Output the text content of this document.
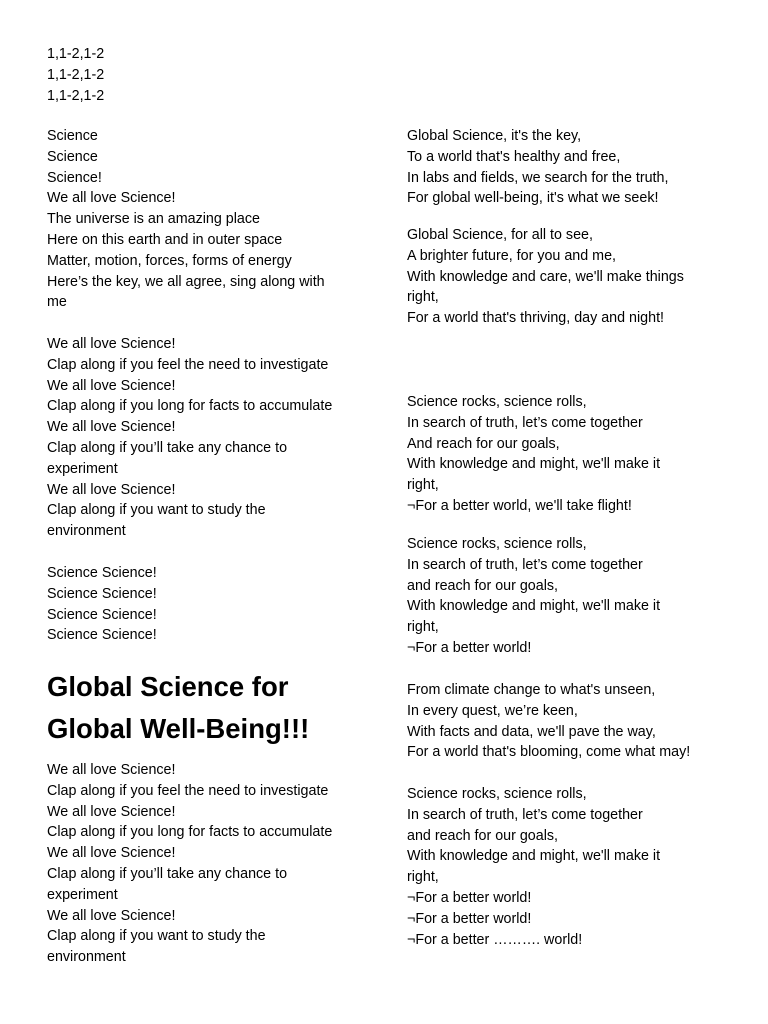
1,1-2,1-2
1,1-2,1-2
1,1-2,1-2
Science
Science
Science!
We all love Science!
The universe is an amazing place
Here on this earth and in outer space
Matter, motion, forces, forms of energy
Here’s the key, we all agree, sing along with
me
We all love Science!
Clap along if you feel the need to investigate
We all love Science!
Clap along if you long for facts to accumulate
We all love Science!
Clap along if you’ll take any chance to
experiment
We all love Science!
Clap along if you want to study the
environment
Science Science!
Science Science!
Science Science!
Science Science!
Global Science for
Global Well-Being!!!
We all love Science!
Clap along if you feel the need to investigate
We all love Science!
Clap along if you long for facts to accumulate
We all love Science!
Clap along if you’ll take any chance to
experiment
We all love Science!
Clap along if you want to study the
environment
Global Science, it's the key,
To a world that's healthy and free,
In labs and fields, we search for the truth,
For global well-being, it's what we seek!
Global Science, for all to see,
A brighter future, for you and me,
With knowledge and care, we'll make things
right,
For a world that's thriving, day and night!
Science rocks, science rolls,
In search of truth, let’s come together
And reach for our goals,
With knowledge and might, we'll make it
right,
¬For a better world, we'll take flight!
Science rocks, science rolls,
In search of truth, let’s come together
and reach for our goals,
With knowledge and might, we'll make it
right,
¬For a better world!
From climate change to what's unseen,
In every quest, we’re keen,
With facts and data, we'll pave the way,
For a world that's blooming, come what may!
Science rocks, science rolls,
In search of truth, let’s come together
and reach for our goals,
With knowledge and might, we'll make it
right,
¬For a better world!
¬For a better world!
¬For a better ………. world!
